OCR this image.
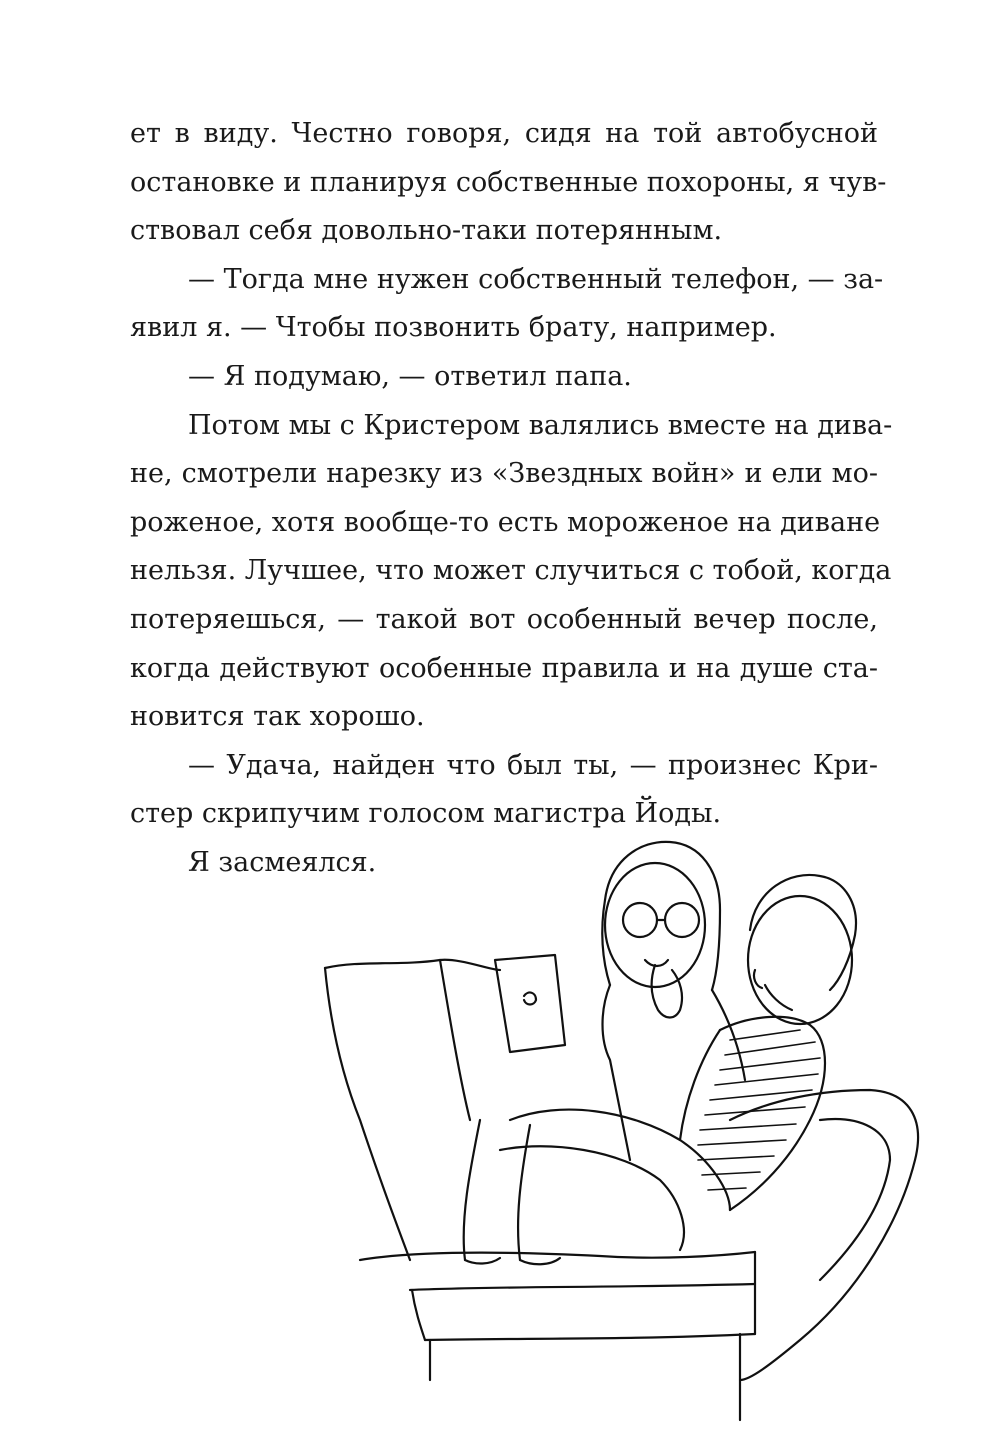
ет в виду. Честно говоря, сидя на той автобусной
остановке и планируя собственные похороны, я чув-
ствовал себя довольно-таки потерянным.
— Тогда мне нужен собственный телефон, — за-
явил я. — Чтобы позвонить брату, например.
— Я подумаю, — ответил папа.
Потом мы с Кристером валялись вместе на дива-
не, смотрели нарезку из «Звездных войн» и ели мо-
роженое, хотя вообще-то есть мороженое на диване
нельзя. Лучшее, что может случиться с тобой, когда
потеряешься, — такой вот особенный вечер после,
когда действуют особенные правила и на душе ста-
новится так хорошо.
— Удача, найден что был ты, — произнес Кри-
стер скрипучим голосом магистра Йоды.
Я засмеялся.
